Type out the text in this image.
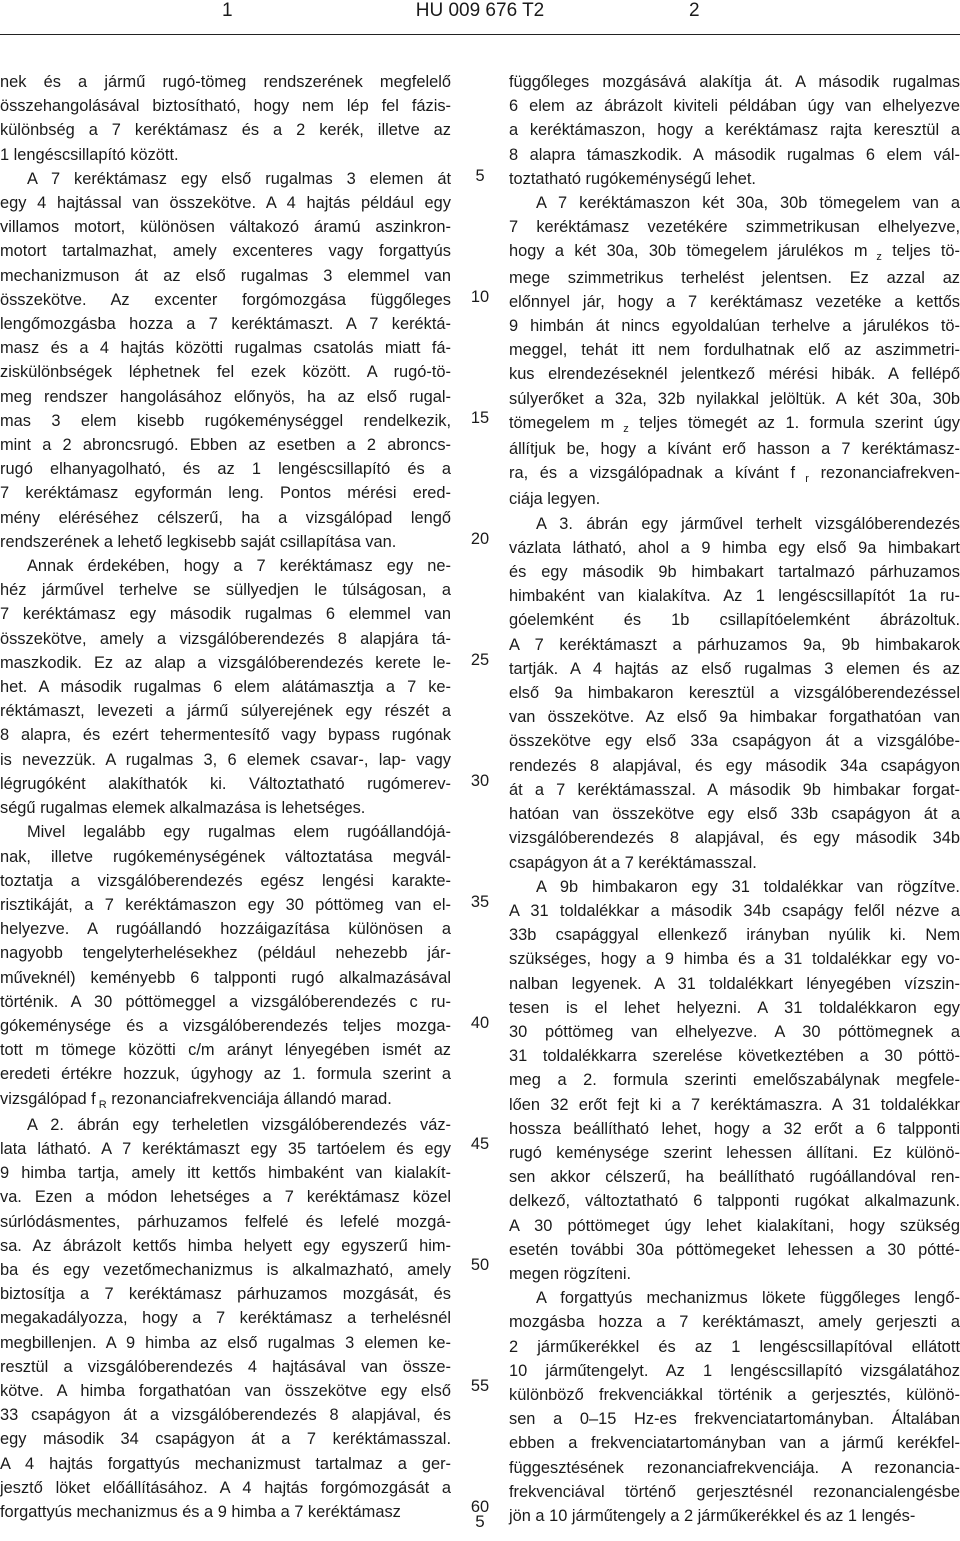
1	HU 009 676 T2	2

nek és a jármű rugó-tömeg rendszerének megfelelő
összehangolásával biztosítható, hogy nem lép fel fázis-
különbség a 7 keréktámasz és a 2 kerék, illetve az
1 lengéscsillapító között.

A 7 keréktámasz egy első rugalmas 3 elemen át
egy 4 hajtással van összekötve. A 4 hajtás például egy
villamos motort, különösen váltakozó áramú aszinkron-
motort tartalmazhat, amely excenteres vagy forgattyús
mechanizmuson át az első rugalmas 3 elemmel van
összekötve. Az excenter forgómozgása függőleges
lengőmozgásba hozza a 7 keréktámaszt. A 7 keréktá-
masz és a 4 hajtás közötti rugalmas csatolás miatt fá-
ziskülönbségek léphetnek fel ezek között. A rugó-tö-
meg rendszer hangolásához előnyös, ha az első rugal-
mas 3 elem kisebb rugókeménységgel rendelkezik,
mint a 2 abroncsrugó. Ebben az esetben a 2 abroncs-
rugó elhanyagolható, és az 1 lengéscsillapító és a
7 keréktámasz egyformán leng. Pontos mérési ered-
mény eléréséhez célszerű, ha a vizsgálópad lengő
rendszerének a lehető legkisebb saját csillapítása van.

Annak érdekében, hogy a 7 keréktámasz egy ne-
héz járművel terhelve se süllyedjen le túlságosan, a
7 keréktámasz egy második rugalmas 6 elemmel van
összekötve, amely a vizsgálóberendezés 8 alapjára tá-
maszkodik. Ez az alap a vizsgálóberendezés kerete le-
het. A második rugalmas 6 elem alátámasztja a 7 ke-
réktámaszt, levezeti a jármű súlyerejének egy részét a
8 alapra, és ezért tehermentesítő vagy bypass rugónak
is nevezzük. A rugalmas 3, 6 elemek csavar-, lap- vagy
légrugóként alakíthatók ki. Változtatható rugómerev-
ségű rugalmas elemek alkalmazása is lehetséges.

Mivel legalább egy rugalmas elem rugóállandójá-
nak, illetve rugókeménységének változtatása megvál-
toztatja a vizsgálóberendezés egész lengési karakte-
risztikáját, a 7 keréktámaszon egy 30 póttömeg van el-
helyezve. A rugóállandó hozzáigazítása különösen a
nagyobb tengelyterhelésekhez (például nehezebb jár-
műveknél) keményebb 6 talpponti rugó alkalmazásával
történik. A 30 póttömeggel a vizsgálóberendezés c ru-
gókeménysége és a vizsgálóberendezés teljes mozga-
tott m tömege közötti c/m arányt lényegében ismét az
eredeti értékre hozzuk, úgyhogy az 1. formula szerint a
vizsgálópad f $_R$ rezonanciafrekvenciája állandó marad.

A 2. ábrán egy terheletlen vizsgálóberendezés váz-
lata látható. A 7 keréktámaszt egy 35 tartóelem és egy
9 himba tartja, amely itt kettős himbaként van kialakít-
va. Ezen a módon lehetséges a 7 keréktámasz közel
súrlódásmentes, párhuzamos felfelé és lefelé mozgá-
sa. Az ábrázolt kettős himba helyett egy egyszerű him-
ba és egy vezetőmechanizmus is alkalmazható, amely
biztosítja a 7 keréktámasz párhuzamos mozgását, és
megakadályozza, hogy a 7 keréktámasz a terhelésnél
megbillenjen. A 9 himba az első rugalmas 3 elemen ke-
resztül a vizsgálóberendezés 4 hajtásával van össze-
kötve. A himba forgathatóan van összekötve egy első
33 csapágyon át a vizsgálóberendezés 8 alapjával, és
egy második 34 csapágyon át a 7 keréktámasszal.
A 4 hajtás forgattyús mechanizmust tartalmaz a ger-
jesztő löket előállításához. A 4 hajtás forgómozgását a
forgattyús mechanizmus és a 9 himba a 7 keréktámasz

5
10
15
20
25
30
35
40
45
50
55
60

függőleges mozgásává alakítja át. A második rugalmas
6 elem az ábrázolt kiviteli példában úgy van elhelyezve
a keréktámaszon, hogy a keréktámasz rajta keresztül a
8 alapra támaszkodik. A második rugalmas 6 elem vál-
toztatható rugókeménységű lehet.

A 7 keréktámaszon két 30a, 30b tömegelem van a
7 keréktámasz vezetékére szimmetrikusan elhelyezve,
hogy a két 30a, 30b tömegelem járulékos m $_z$ teljes tö-
mege szimmetrikus terhelést jelentsen. Ez azzal az
előnnyel jár, hogy a 7 keréktámasz vezetéke a kettős
9 himbán át nincs egyoldalúan terhelve a járulékos tö-
meggel, tehát itt nem fordulhatnak elő az aszimmetri-
kus elrendezéseknél jelentkező mérési hibák. A fellépő
súlyerőket a 32a, 32b nyilakkal jelöltük. A két 30a, 30b
tömegelem m $_z$ teljes tömegét az 1. formula szerint úgy
állítjuk be, hogy a kívánt erő hasson a 7 keréktámasz-
ra, és a vizsgálópadnak a kívánt f $_r$ rezonanciafrekven-
ciája legyen.

A 3. ábrán egy járművel terhelt vizsgálóberendezés
vázlata látható, ahol a 9 himba egy első 9a himbakart
és egy második 9b himbakart tartalmazó párhuzamos
himbaként van kialakítva. Az 1 lengéscsillapítót 1a ru-
góelemként és 1b csillapítóelemként ábrázoltuk.
A 7 keréktámaszt a párhuzamos 9a, 9b himbakarok
tartják. A 4 hajtás az első rugalmas 3 elemen és az
első 9a himbakaron keresztül a vizsgálóberendezéssel
van összekötve. Az első 9a himbakar forgathatóan van
összekötve egy első 33a csapágyon át a vizsgálóbe-
rendezés 8 alapjával, és egy második 34a csapágyon
át a 7 keréktámasszal. A második 9b himbakar forgat-
hatóan van összekötve egy első 33b csapágyon át a
vizsgálóberendezés 8 alapjával, és egy második 34b
csapágyon át a 7 keréktámasszal.

A 9b himbakaron egy 31 toldalékkar van rögzítve.
A 31 toldalékkar a második 34b csapágy felől nézve a
33b csapággyal ellenkező irányban nyúlik ki. Nem
szükséges, hogy a 9 himba és a 31 toldalékkar egy vo-
nalban legyenek. A 31 toldalékkart lényegében vízszin-
tesen is el lehet helyezni. A 31 toldalékkaron egy
30 póttömeg van elhelyezve. A 30 póttömegnek a
31 toldalékkarra szerelése következtében a 30 póttö-
meg a 2. formula szerinti emelőszabálynak megfele-
lően 32 erőt fejt ki a 7 keréktámaszra. A 31 toldalékkar
hossza beállítható lehet, hogy a 32 erőt a 6 talpponti
rugó keménysége szerint lehessen állítani. Ez különö-
sen akkor célszerű, ha beállítható rugóállandóval ren-
delkező, változtatható 6 talpponti rugókat alkalmazunk.
A 30 póttömeget úgy lehet kialakítani, hogy szükség
esetén további 30a póttömegeket lehessen a 30 pótté-
megen rögzíteni.

A forgattyús mechanizmus lökete függőleges lengő-
mozgásba hozza a 7 keréktámaszt, amely gerjeszti a
2 járműkerékkel és az 1 lengéscsillapítóval ellátott
10 járműtengelyt. Az 1 lengéscsillapító vizsgálatához
különböző frekvenciákkal történik a gerjesztés, különö-
sen a 0–15 Hz-es frekvenciatartományban. Általában
ebben a frekvenciatartományban van a jármű kerékfel-
függesztésének rezonanciafrekvenciája. A rezonancia-
frekvenciával történő gerjesztésnél rezonancialengésbe
jön a 10 járműtengely a 2 járműkerékkel és az 1 lengés-

5
